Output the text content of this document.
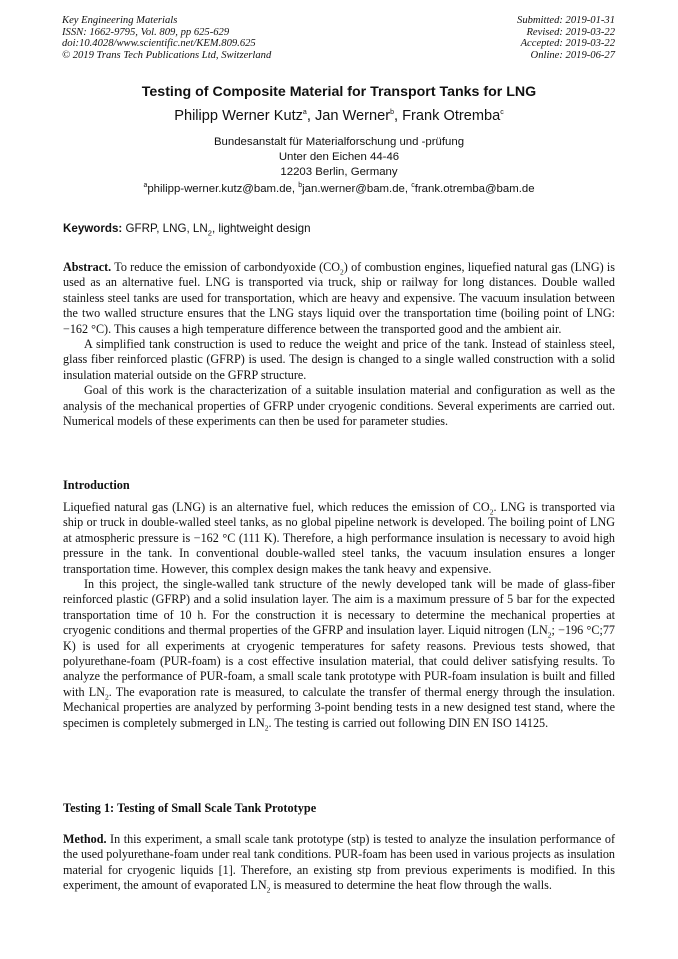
Key Engineering Materials
ISSN: 1662-9795, Vol. 809, pp 625-629
doi:10.4028/www.scientific.net/KEM.809.625
© 2019 Trans Tech Publications Ltd, Switzerland
Submitted: 2019-01-31
Revised: 2019-03-22
Accepted: 2019-03-22
Online: 2019-06-27
Testing of Composite Material for Transport Tanks for LNG
Philipp Werner Kutz$^a$, Jan Werner$^b$, Frank Otremba$^c$
Bundesanstalt für Materialforschung und -prüfung
Unter den Eichen 44-46
12203 Berlin, Germany
$^a$philipp-werner.kutz@bam.de, $^b$jan.werner@bam.de, $^c$frank.otremba@bam.de
Keywords: GFRP, LNG, $LN_2$, lightweight design

Abstract. To reduce the emission of carbondyoxide $(CO_2)$ of combustion engines, liquefied natural gas (LNG) is used as an alternative fuel. LNG is transported via truck, ship or railway for long distances. Double walled stainless steel tanks are used for transportation, which are heavy and expensive. The vacuum insulation between the two walled structure ensures that the LNG stays liquid over the transportation time (boiling point of LNG: −162 °C). This causes a high temperature difference between the transported good and the ambient air.

A simplified tank construction is used to reduce the weight and price of the tank. Instead of stainless steel, glass fiber reinforced plastic (GFRP) is used. The design is changed to a single walled construction with a solid insulation material outside on the GFRP structure.

Goal of this work is the characterization of a suitable insulation material and configuration as well as the analysis of the mechanical properties of GFRP under cryogenic conditions. Several experiments are carried out. Numerical models of these experiments can then be used for parameter studies.

Introduction

Liquefied natural gas (LNG) is an alternative fuel, which reduces the emission of $CO_2$. LNG is transported via ship or truck in double-walled steel tanks, as no global pipeline network is developed. The boiling point of LNG at atmospheric pressure is −162 °C (111 K). Therefore, a high performance insulation is necessary to avoid high pressure in the tank. In conventional double-walled steel tanks, the vacuum insulation ensures a longer transportation time. However, this complex design makes the tank heavy and expensive.

In this project, the single-walled tank structure of the newly developed tank will be made of glass-fiber reinforced plastic (GFRP) and a solid insulation layer. The aim is a maximum pressure of 5 bar for the expected transportation time of 10 h. For the construction it is necessary to determine the mechanical properties at cryogenic conditions and thermal properties of the GFRP and insulation layer. Liquid nitrogen ($LN_2$; −196 °C;77 K) is used for all experiments at cryogenic temperatures for safety reasons. Previous tests showed, that polyurethane-foam (PUR-foam) is a cost effective insulation material, that could deliver satisfying results. To analyze the performance of PUR-foam, a small scale tank prototype with PUR-foam insulation is built and filled with $LN_2$. The evaporation rate is measured, to calculate the transfer of thermal energy through the insulation. Mechanical properties are analyzed by performing 3-point bending tests in a new designed test stand, where the specimen is completely submerged in $LN_2$. The testing is carried out following DIN EN ISO 14125.

Testing 1: Testing of Small Scale Tank Prototype

Method. In this experiment, a small scale tank prototype (stp) is tested to analyze the insulation performance of the used polyurethane-foam under real tank conditions. PUR-foam has been used in various projects as insulation material for cryogenic liquids [1]. Therefore, an existing stp from previous experiments is modified. In this experiment, the amount of evaporated $LN_2$ is measured to determine the heat flow through the walls.
